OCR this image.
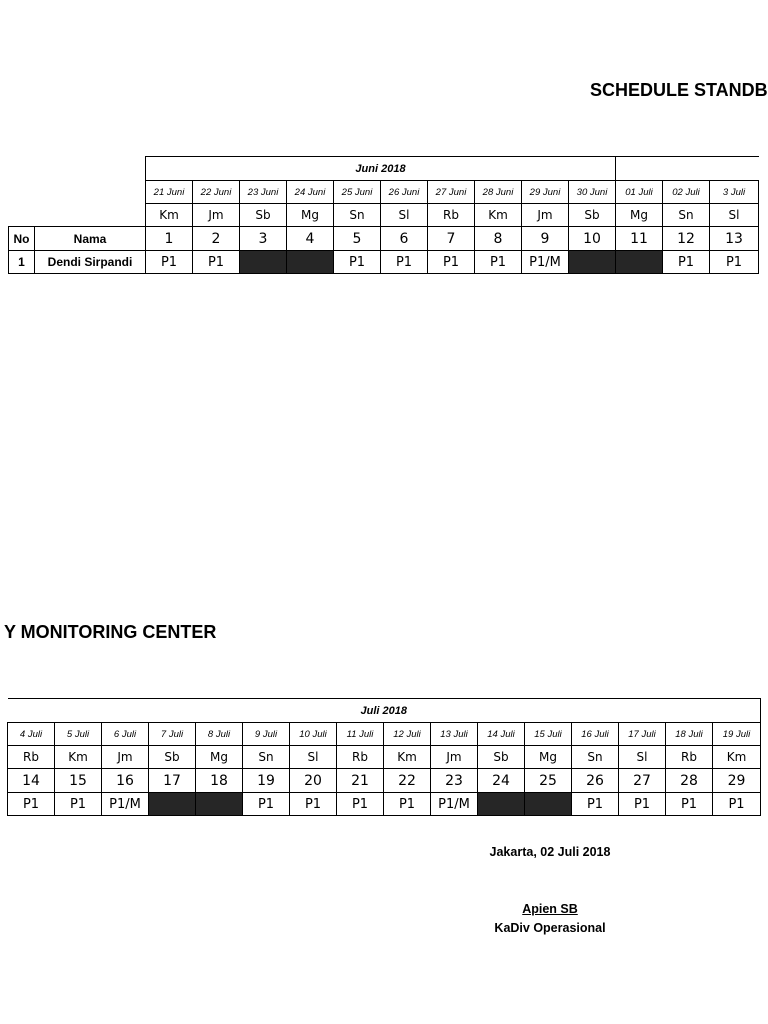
SCHEDULE STANDB
Y MONITORING CENTER
		Juni 2018												
		21 Juni	22 Juni	23 Juni	24 Juni	25 Juni	26 Juni	27 Juni	28 Juni	29 Juni	30 Juni	01 Juli	02 Juli	3 Juli
		Km	Jm	Sb	Mg	Sn	Sl	Rb	Km	Jm	Sb	Mg	Sn	Sl
No	Nama	1	2	3	4	5	6	7	8	9	10	11	12	13
1	Dendi Sirpandi	P1	P1			P1	P1	P1	P1	P1/M			P1	P1
Juli 2018															
4 Juli	5 Juli	6 Juli	7 Juli	8 Juli	9 Juli	10 Juli	11 Juli	12 Juli	13 Juli	14 Juli	15 Juli	16 Juli	17 Juli	18 Juli	19 Juli
Rb	Km	Jm	Sb	Mg	Sn	Sl	Rb	Km	Jm	Sb	Mg	Sn	Sl	Rb	Km
14	15	16	17	18	19	20	21	22	23	24	25	26	27	28	29
P1	P1	P1/M			P1	P1	P1	P1	P1/M			P1	P1	P1	P1
Jakarta, 02 Juli 2018
Apien SB
KaDiv Operasional
